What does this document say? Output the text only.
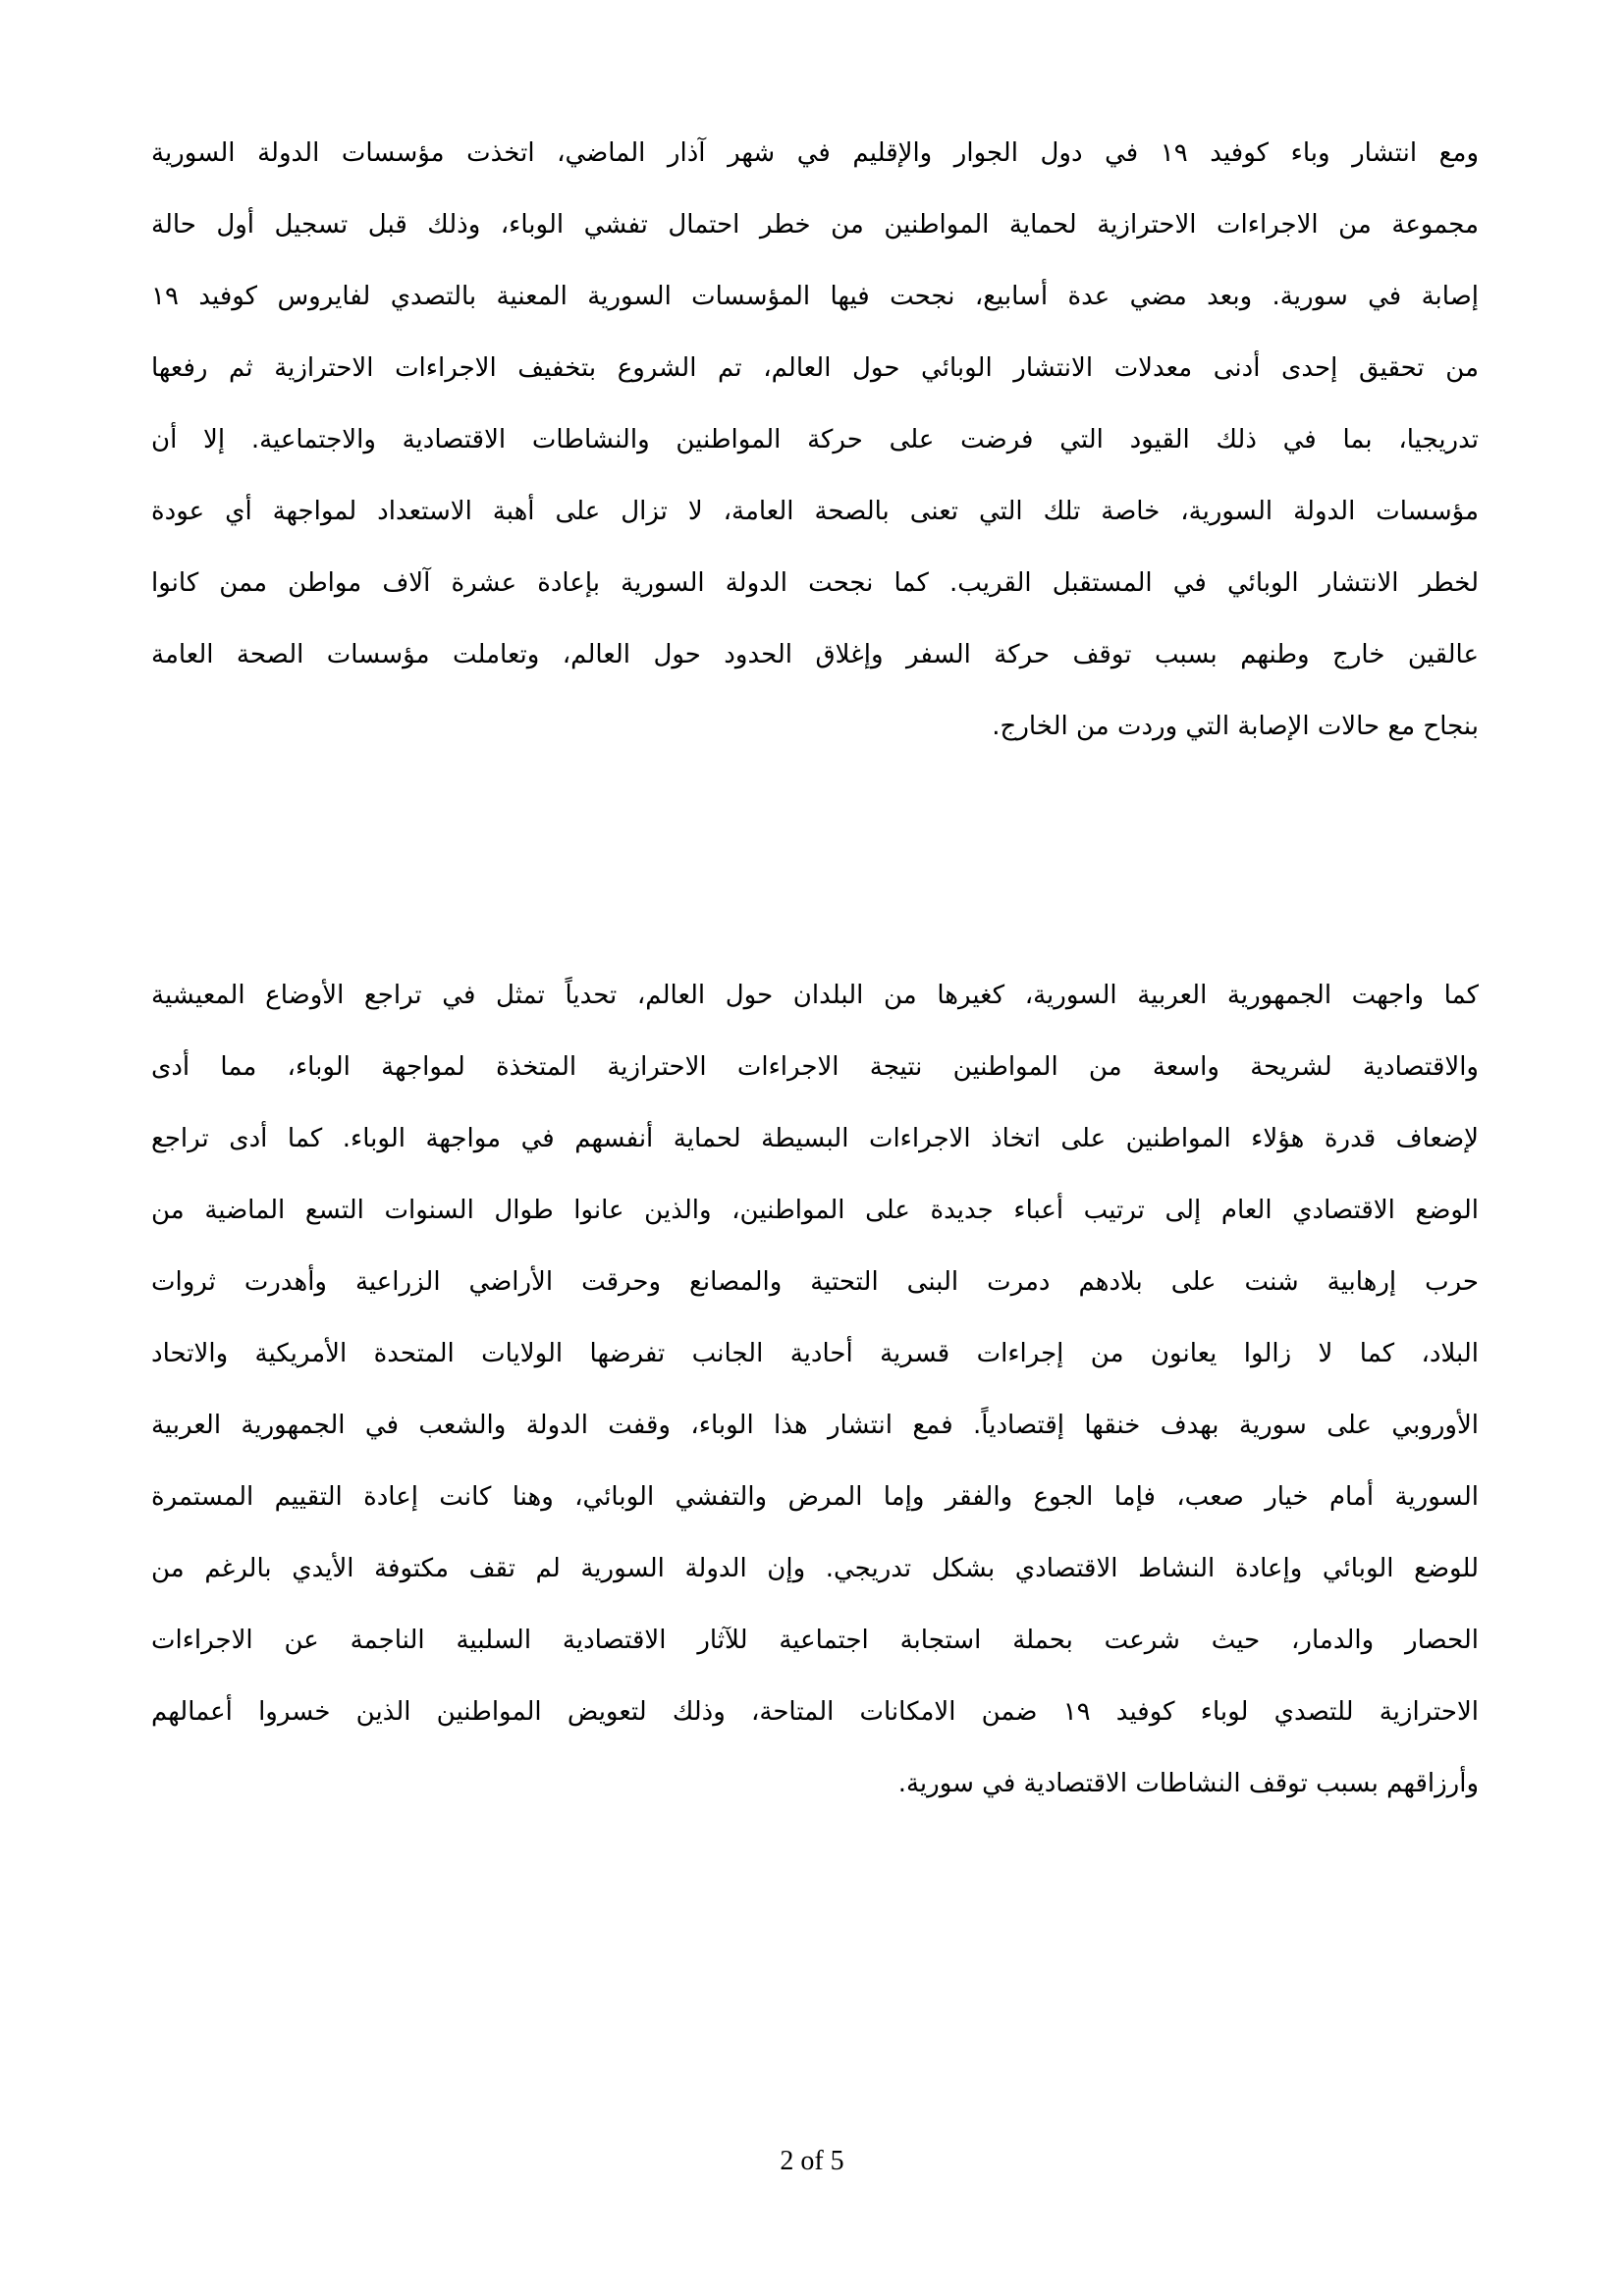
ومع انتشار وباء كوفيد ١٩ في دول الجوار والإقليم في شهر آذار الماضي، اتخذت مؤسسات الدولة السورية
مجموعة من الاجراءات الاحترازية لحماية المواطنين من خطر احتمال تفشي الوباء، وذلك قبل تسجيل أول حالة
إصابة في سورية. وبعد مضي عدة أسابيع، نجحت فيها المؤسسات السورية المعنية بالتصدي لفايروس كوفيد ١٩
من تحقيق إحدى أدنى معدلات الانتشار الوبائي حول العالم، تم الشروع بتخفيف الاجراءات الاحترازية ثم رفعها
تدريجيا، بما في ذلك القيود التي فرضت على حركة المواطنين والنشاطات الاقتصادية والاجتماعية. إلا أن
مؤسسات الدولة السورية، خاصة تلك التي تعنى بالصحة العامة، لا تزال على أهبة الاستعداد لمواجهة أي عودة
لخطر الانتشار الوبائي في المستقبل القريب. كما نجحت الدولة السورية بإعادة عشرة آلاف مواطن ممن كانوا
عالقين خارج وطنهم بسبب توقف حركة السفر وإغلاق الحدود حول العالم، وتعاملت مؤسسات الصحة العامة
بنجاح مع حالات الإصابة التي وردت من الخارج.
كما واجهت الجمهورية العربية السورية، كغيرها من البلدان حول العالم، تحدياً تمثل في تراجع الأوضاع المعيشية
والاقتصادية لشريحة واسعة من المواطنين نتيجة الاجراءات الاحترازية المتخذة لمواجهة الوباء، مما أدى
لإضعاف قدرة هؤلاء المواطنين على اتخاذ الاجراءات البسيطة لحماية أنفسهم في مواجهة الوباء. كما أدى تراجع
الوضع الاقتصادي العام إلى ترتيب أعباء جديدة على المواطنين، والذين عانوا طوال السنوات التسع الماضية من
حرب إرهابية شنت على بلادهم دمرت البنى التحتية والمصانع وحرقت الأراضي الزراعية وأهدرت ثروات
البلاد، كما لا زالوا يعانون من إجراءات قسرية أحادية الجانب تفرضها الولايات المتحدة الأمريكية والاتحاد
الأوروبي على سورية بهدف خنقها إقتصادياً. فمع انتشار هذا الوباء، وقفت الدولة والشعب في الجمهورية العربية
السورية أمام خيار صعب، فإما الجوع والفقر وإما المرض والتفشي الوبائي، وهنا كانت إعادة التقييم المستمرة
للوضع الوبائي وإعادة النشاط الاقتصادي بشكل تدريجي. وإن الدولة السورية لم تقف مكتوفة الأيدي بالرغم من
الحصار والدمار، حيث شرعت بحملة استجابة اجتماعية للآثار الاقتصادية السلبية الناجمة عن الاجراءات
الاحترازية للتصدي لوباء كوفيد ١٩ ضمن الامكانات المتاحة، وذلك لتعويض المواطنين الذين خسروا أعمالهم
وأرزاقهم بسبب توقف النشاطات الاقتصادية في سورية.
2 of 5
